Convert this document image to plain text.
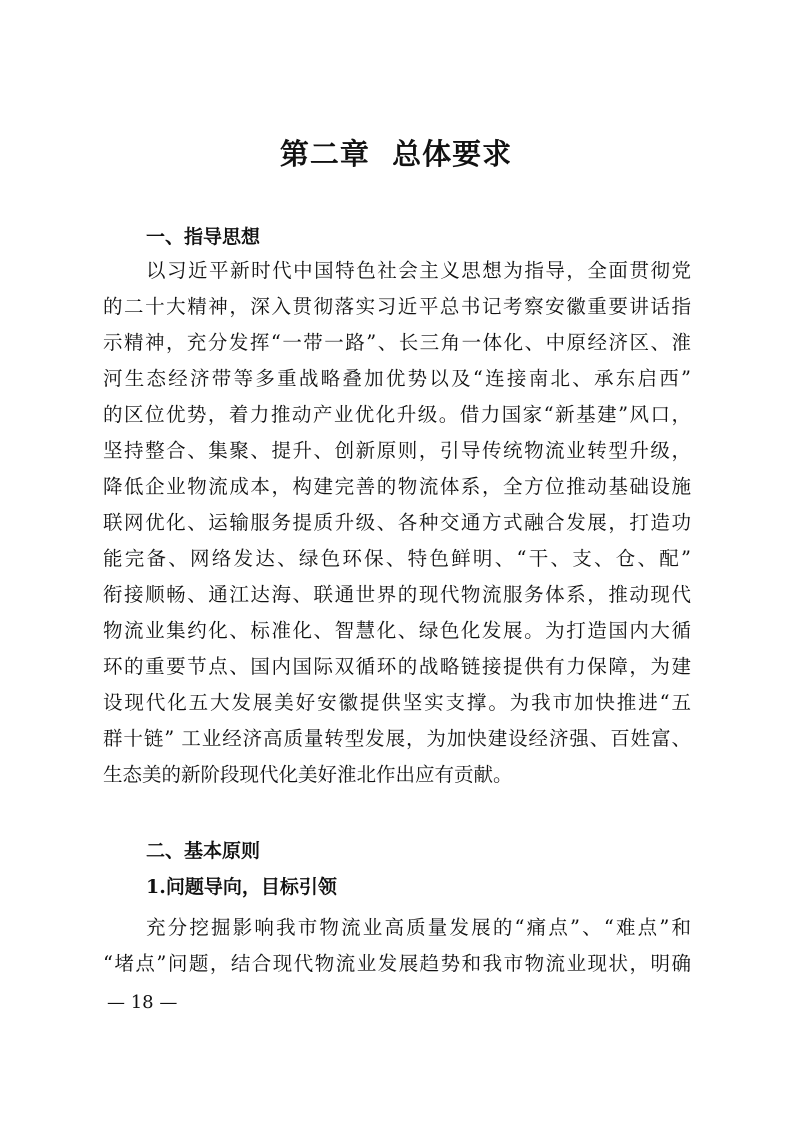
第二章  总体要求
一、指导思想
以习近平新时代中国特色社会主义思想为指导，全面贯彻党
的二十大精神，深入贯彻落实习近平总书记考察安徽重要讲话指
示精神，充分发挥“一带一路”、长三角一体化、中原经济区、淮
河生态经济带等多重战略叠加优势以及“连接南北、承东启西”
的区位优势，着力推动产业优化升级。借力国家“新基建”风口，
坚持整合、集聚、提升、创新原则，引导传统物流业转型升级，
降低企业物流成本，构建完善的物流体系，全方位推动基础设施
联网优化、运输服务提质升级、各种交通方式融合发展，打造功
能完备、网络发达、绿色环保、特色鲜明、“干、支、仓、配”
衔接顺畅、通江达海、联通世界的现代物流服务体系，推动现代
物流业集约化、标准化、智慧化、绿色化发展。为打造国内大循
环的重要节点、国内国际双循环的战略链接提供有力保障，为建
设现代化五大发展美好安徽提供坚实支撑。为我市加快推进“五
群十链” 工业经济高质量转型发展，为加快建设经济强、百姓富、
生态美的新阶段现代化美好淮北作出应有贡献。
二、基本原则
1.问题导向，目标引领
充分挖掘影响我市物流业高质量发展的“痛点”、“难点”和
“堵点”问题，结合现代物流业发展趋势和我市物流业现状，明确
— 18 —
